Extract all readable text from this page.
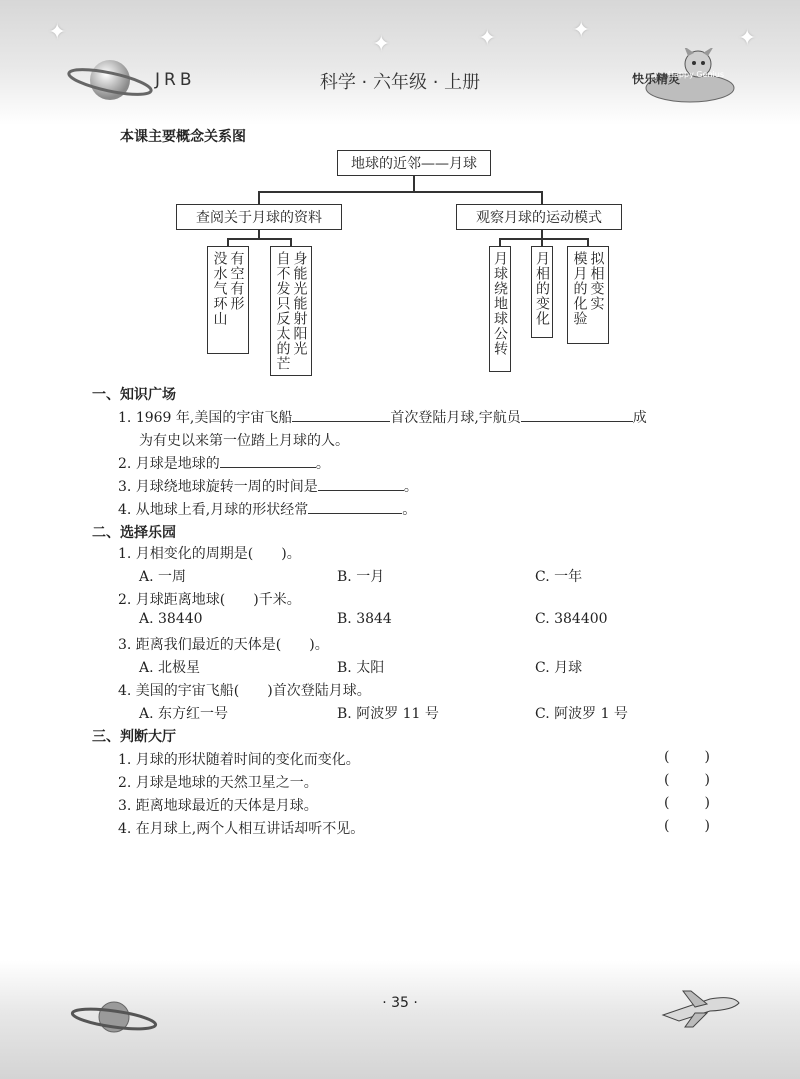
✦	✦	✦	✦	✦
JRB	科学 · 六年级 · 上册	快乐精灵
Happy Genius
本课主要概念关系图
地球的近邻——月球
查阅关于月球的资料	观察月球的运动模式
有空有形
没水气环山	身能光能射阳光
自不发只反太的芒	月球绕地球公转 月相的变化	拟相变实
模月的化验
一、知识广场
1. 1969 年,美国的宇宙飞船	首次登陆月球,宇航员	成
为有史以来第一位踏上月球的人。
2. 月球是地球的	。
3. 月球绕地球旋转一周的时间是	。
4. 从地球上看,月球的形状经常	。
二、选择乐园
1. 月相变化的周期是(　　)。
A. 一周	B. 一月	C. 一年
2. 月球距离地球(　　)千米。
A. 38440	B. 3844	C. 384400
3. 距离我们最近的天体是(　　)。
A. 北极星	B. 太阳	C. 月球
4. 美国的宇宙飞船(　　)首次登陆月球。
A. 东方红一号	B. 阿波罗 11 号	C. 阿波罗 1 号
三、判断大厅
1. 月球的形状随着时间的变化而变化。	(	)
2. 月球是地球的天然卫星之一。	(	)
3. 距离地球最近的天体是月球。	(	)
4. 在月球上,两个人相互讲话却听不见。	(	)
· 35 ·
